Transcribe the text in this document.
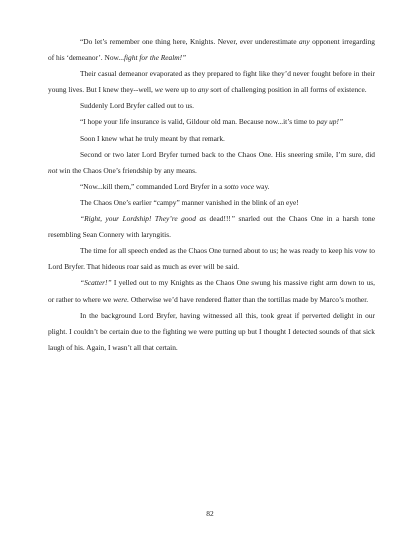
“Do let’s remember one thing here, Knights. Never, ever underestimate any opponent irregarding of his ‘demeanor’. Now...fight for the Realm!”

Their casual demeanor evaporated as they prepared to fight like they’d never fought before in their young lives. But I knew they--well, we were up to any sort of challenging position in all forms of existence.

Suddenly Lord Bryfer called out to us.

“I hope your life insurance is valid, Gildour old man. Because now...it’s time to pay up!”

Soon I knew what he truly meant by that remark.

Second or two later Lord Bryfer turned back to the Chaos One. His sneering smile, I’m sure, did not win the Chaos One’s friendship by any means.

“Now...kill them,” commanded Lord Bryfer in a sotto voce way.

The Chaos One’s earlier “campy” manner vanished in the blink of an eye!

“Right, your Lordship! They’re good as dead!!!” snarled out the Chaos One in a harsh tone resembling Sean Connery with laryngitis.

The time for all speech ended as the Chaos One turned about to us; he was ready to keep his vow to Lord Bryfer. That hideous roar said as much as ever will be said.

“Scatter!” I yelled out to my Knights as the Chaos One swung his massive right arm down to us, or rather to where we were. Otherwise we’d have rendered flatter than the tortillas made by Marco’s mother.

In the background Lord Bryfer, having witnessed all this, took great if perverted delight in our plight. I couldn’t be certain due to the fighting we were putting up but I thought I detected sounds of that sick laugh of his. Again, I wasn’t all that certain.

82
